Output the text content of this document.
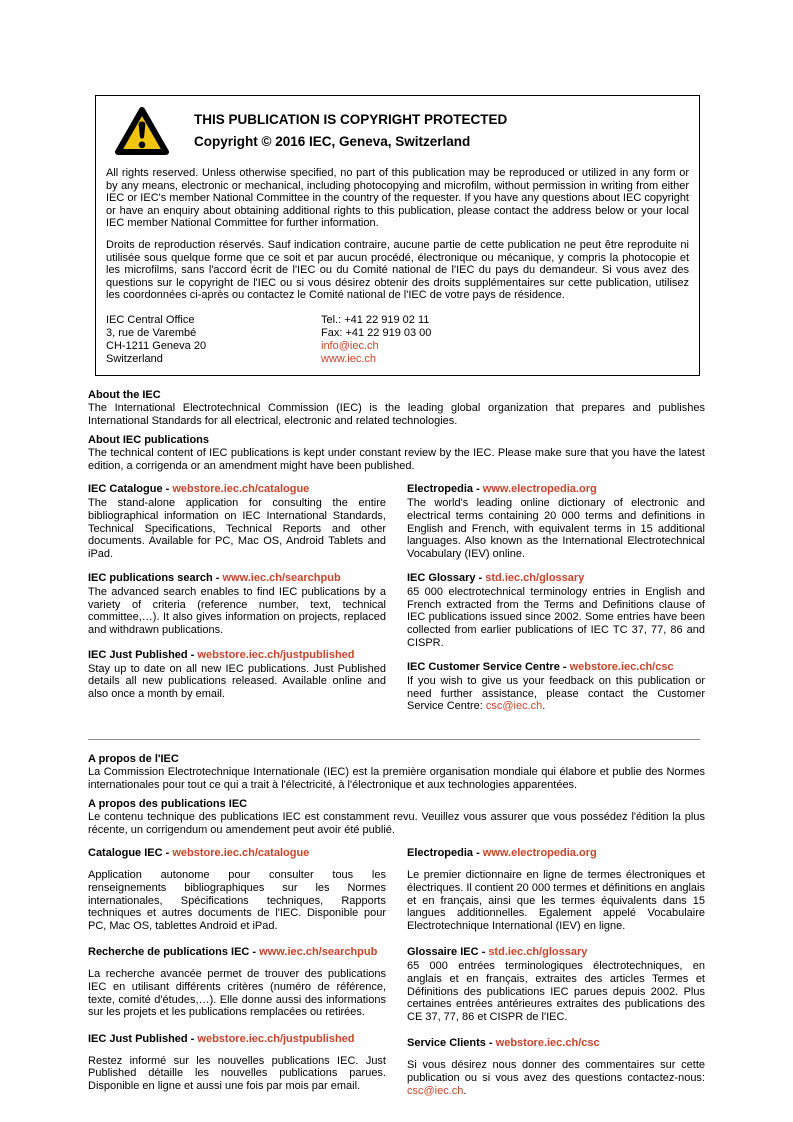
THIS PUBLICATION IS COPYRIGHT PROTECTED
Copyright © 2016 IEC, Geneva, Switzerland

All rights reserved. Unless otherwise specified, no part of this publication may be reproduced or utilized in any form or by any means, electronic or mechanical, including photocopying and microfilm, without permission in writing from either IEC or IEC's member National Committee in the country of the requester. If you have any questions about IEC copyright or have an enquiry about obtaining additional rights to this publication, please contact the address below or your local IEC member National Committee for further information.

Droits de reproduction réservés. Sauf indication contraire, aucune partie de cette publication ne peut être reproduite ni utilisée sous quelque forme que ce soit et par aucun procédé, électronique ou mécanique, y compris la photocopie et les microfilms, sans l'accord écrit de l'IEC ou du Comité national de l'IEC du pays du demandeur. Si vous avez des questions sur le copyright de l'IEC ou si vous désirez obtenir des droits supplémentaires sur cette publication, utilisez les coordonnées ci-après ou contactez le Comité national de l'IEC de votre pays de résidence.

IEC Central Office
3, rue de Varembé
CH-1211 Geneva 20
Switzerland
Tel.: +41 22 919 02 11
Fax: +41 22 919 03 00
info@iec.ch
www.iec.ch
About the IEC

The International Electrotechnical Commission (IEC) is the leading global organization that prepares and publishes International Standards for all electrical, electronic and related technologies.

About IEC publications

The technical content of IEC publications is kept under constant review by the IEC. Please make sure that you have the latest edition, a corrigenda or an amendment might have been published.

IEC Catalogue - webstore.iec.ch/catalogue

The stand-alone application for consulting the entire bibliographical information on IEC International Standards, Technical Specifications, Technical Reports and other documents. Available for PC, Mac OS, Android Tablets and iPad.

IEC publications search - www.iec.ch/searchpub

The advanced search enables to find IEC publications by a variety of criteria (reference number, text, technical committee,…). It also gives information on projects, replaced and withdrawn publications.

IEC Just Published - webstore.iec.ch/justpublished

Stay up to date on all new IEC publications. Just Published details all new publications released. Available online and also once a month by email.

Electropedia - www.electropedia.org

The world's leading online dictionary of electronic and electrical terms containing 20 000 terms and definitions in English and French, with equivalent terms in 15 additional languages. Also known as the International Electrotechnical Vocabulary (IEV) online.

IEC Glossary - std.iec.ch/glossary

65 000 electrotechnical terminology entries in English and French extracted from the Terms and Definitions clause of IEC publications issued since 2002. Some entries have been collected from earlier publications of IEC TC 37, 77, 86 and CISPR.

IEC Customer Service Centre - webstore.iec.ch/csc

If you wish to give us your feedback on this publication or need further assistance, please contact the Customer Service Centre: csc@iec.ch.

A propos de l'IEC

La Commission Electrotechnique Internationale (IEC) est la première organisation mondiale qui élabore et publie des Normes internationales pour tout ce qui a trait à l'électricité, à l'électronique et aux technologies apparentées.

A propos des publications IEC

Le contenu technique des publications IEC est constamment revu. Veuillez vous assurer que vous possédez l'édition la plus récente, un corrigendum ou amendement peut avoir été publié.

Catalogue IEC - webstore.iec.ch/catalogue

Application autonome pour consulter tous les renseignements bibliographiques sur les Normes internationales, Spécifications techniques, Rapports techniques et autres documents de l'IEC. Disponible pour PC, Mac OS, tablettes Android et iPad.

Recherche de publications IEC - www.iec.ch/searchpub

La recherche avancée permet de trouver des publications IEC en utilisant différents critères (numéro de référence, texte, comité d'études,…). Elle donne aussi des informations sur les projets et les publications remplacées ou retirées.

IEC Just Published - webstore.iec.ch/justpublished

Restez informé sur les nouvelles publications IEC. Just Published détaille les nouvelles publications parues. Disponible en ligne et aussi une fois par mois par email.

Electropedia - www.electropedia.org

Le premier dictionnaire en ligne de termes électroniques et électriques. Il contient 20 000 termes et définitions en anglais et en français, ainsi que les termes équivalents dans 15 langues additionnelles. Egalement appelé Vocabulaire Electrotechnique International (IEV) en ligne.

Glossaire IEC - std.iec.ch/glossary

65 000 entrées terminologiques électrotechniques, en anglais et en français, extraites des articles Termes et Définitions des publications IEC parues depuis 2002. Plus certaines entrées antérieures extraites des publications des CE 37, 77, 86 et CISPR de l'IEC.

Service Clients - webstore.iec.ch/csc

Si vous désirez nous donner des commentaires sur cette publication ou si vous avez des questions contactez-nous: csc@iec.ch.
